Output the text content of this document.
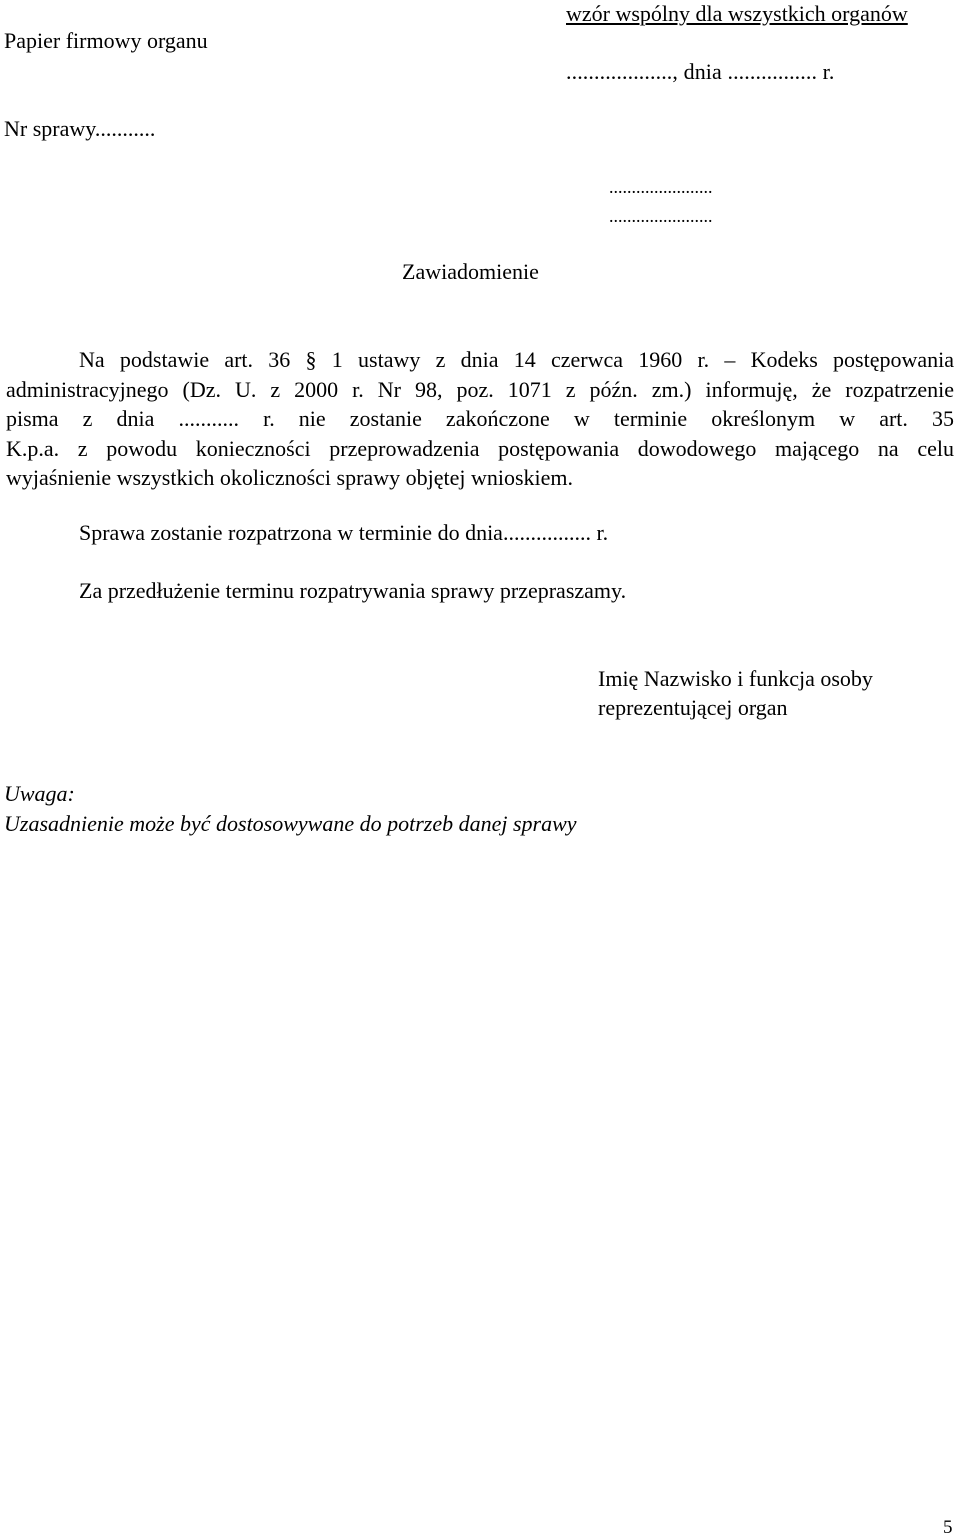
wzór wspólny dla wszystkich organów
Papier firmowy organu
..................., dnia ................ r.
Nr sprawy...........
.......................
.......................
Zawiadomienie
Na podstawie art. 36 § 1 ustawy z dnia 14 czerwca 1960 r. – Kodeks postępowania
administracyjnego (Dz. U. z 2000 r. Nr 98, poz. 1071 z późn. zm.) informuję, że rozpatrzenie
pisma z dnia ........... r. nie zostanie zakończone w terminie określonym w art. 35
K.p.a. z powodu konieczności przeprowadzenia postępowania dowodowego mającego na celu
wyjaśnienie wszystkich okoliczności sprawy objętej wnioskiem.
Sprawa zostanie rozpatrzona w terminie do dnia................ r.
Za przedłużenie terminu rozpatrywania sprawy przepraszamy.
Imię Nazwisko i funkcja osoby
reprezentującej organ
Uwaga:
Uzasadnienie może być dostosowywane do potrzeb danej sprawy
5
